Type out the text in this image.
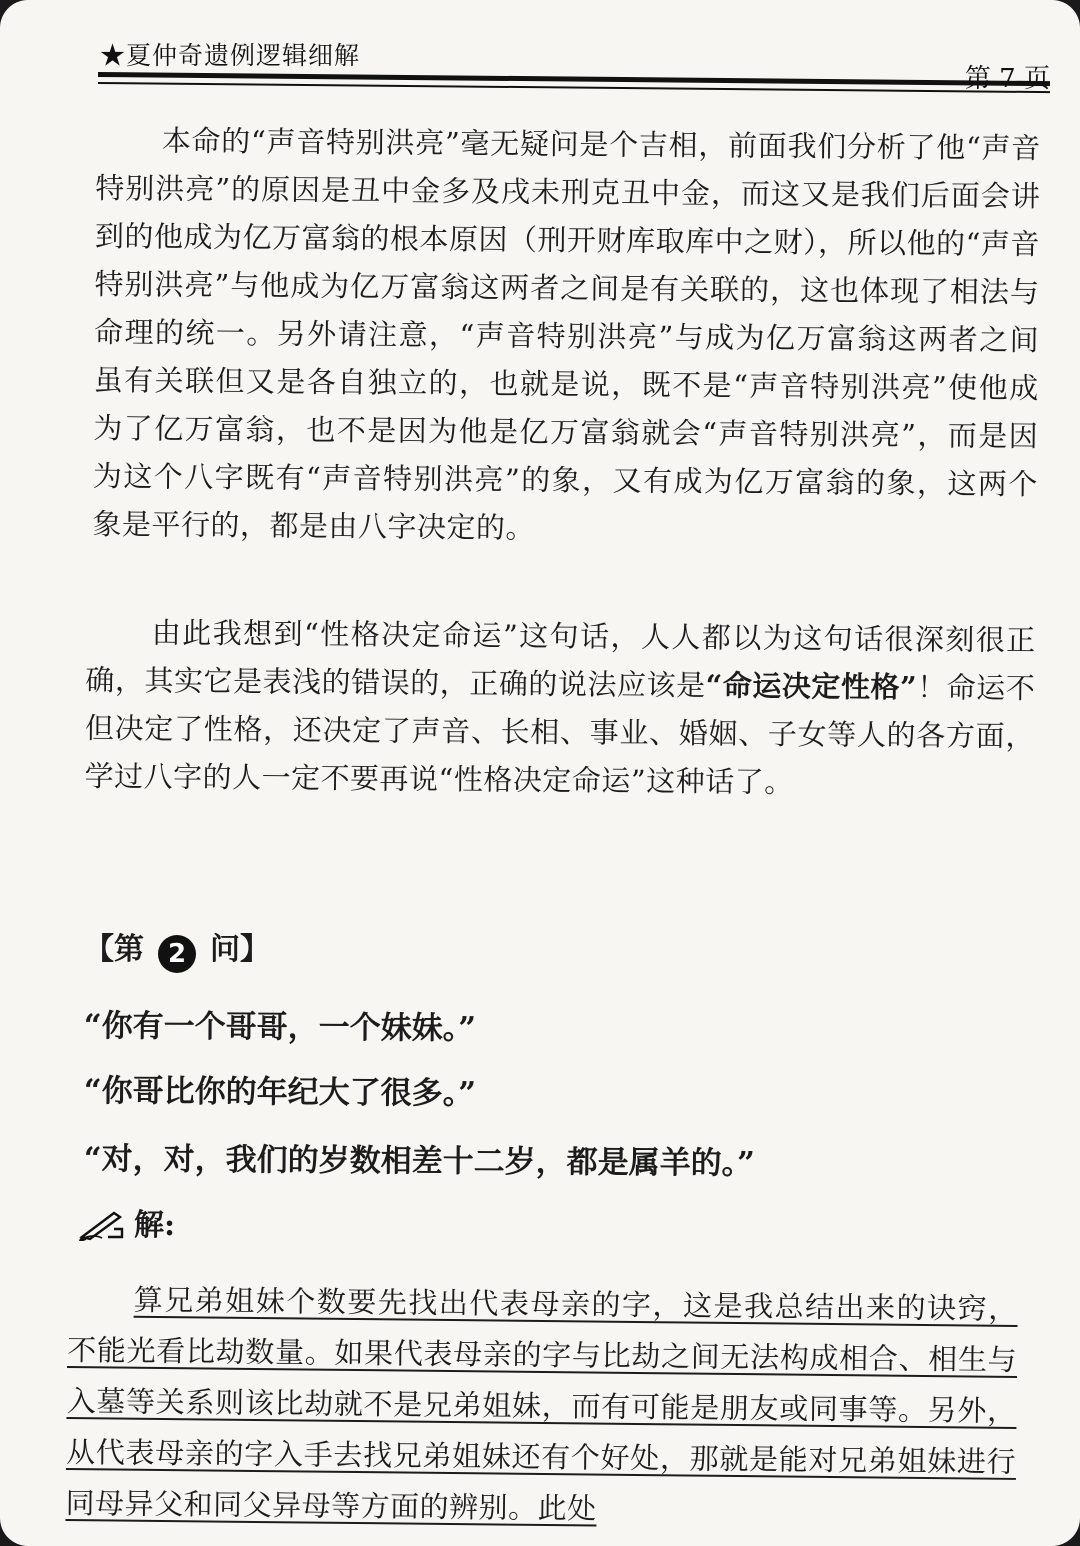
★夏仲奇遗例逻辑细解
第 7 页

本命的“声音特别洪亮”毫无疑问是个吉相，前面我们分析了他“声音特别洪亮”的原因是丑中金多及戌未刑克丑中金，而这又是我们后面会讲到的他成为亿万富翁的根本原因（刑开财库取库中之财），所以他的“声音特别洪亮”与他成为亿万富翁这两者之间是有关联的，这也体现了相法与命理的统一。另外请注意，“声音特别洪亮”与成为亿万富翁这两者之间虽有关联但又是各自独立的，也就是说，既不是“声音特别洪亮”使他成为了亿万富翁，也不是因为他是亿万富翁就会“声音特别洪亮”，而是因为这个八字既有“声音特别洪亮”的象，又有成为亿万富翁的象，这两个象是平行的，都是由八字决定的。

由此我想到“性格决定命运”这句话，人人都以为这句话很深刻很正确，其实它是表浅的错误的，正确的说法应该是“命运决定性格”！命运不但决定了性格，还决定了声音、长相、事业、婚姻、子女等人的各方面，学过八字的人一定不要再说“性格决定命运”这种话了。

【第 2 问】

“你有一个哥哥，一个妹妹。”

“你哥比你的年纪大了很多。”

“对，对，我们的岁数相差十二岁，都是属羊的。”

解:

算兄弟姐妹个数要先找出代表母亲的字，这是我总结出来的诀窍，不能光看比劫数量。如果代表母亲的字与比劫之间无法构成相合、相生与入墓等关系则该比劫就不是兄弟姐妹，而有可能是朋友或同事等。另外，从代表母亲的字入手去找兄弟姐妹还有个好处，那就是能对兄弟姐妹进行同母异父和同父异母等方面的辨别。此处
